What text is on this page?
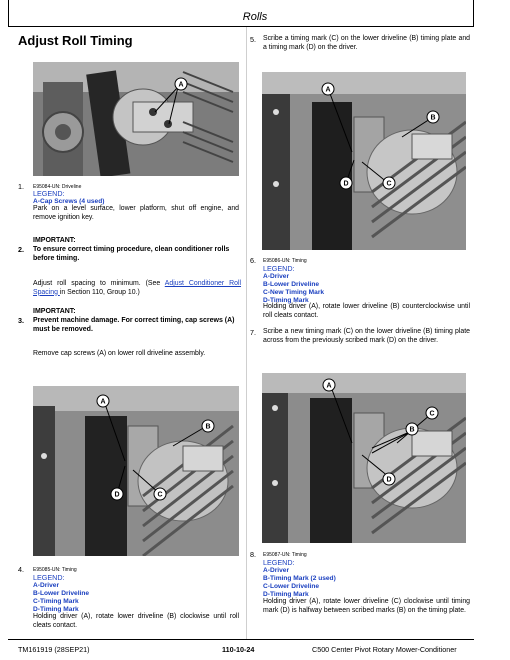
Rolls
Adjust Roll Timing
A
1. E95084-UN: Driveline
LEGEND:
A-Cap Screws (4 used)
Park on a level surface, lower platform, shut off engine, and remove ignition key.
IMPORTANT:
2. To ensure correct timing procedure, clean conditioner rolls before timing.
Adjust roll spacing to minimum. (See Adjust Conditioner Roll Spacing in Section 110, Group 10.)
IMPORTANT:
3. Prevent machine damage. For correct timing, cap screws (A) must be removed.
Remove cap screws (A) on lower roll driveline assembly.
A
B
D	C
4. E95085-UN: Timing
LEGEND:
A-Driver
B-Lower Driveline
C-Timing Mark
D-Timing Mark
Holding driver (A), rotate lower driveline (B) clockwise until roll cleats contact.
5. Scribe a timing mark (C) on the lower driveline (B) timing plate and a timing mark (D) on the driver.
A
B
D	C
6. E95086-UN: Timing
LEGEND:
A-Driver
B-Lower Driveline
C-New Timing Mark
D-Timing Mark
Holding driver (A), rotate lower driveline (B) counterclockwise until roll cleats contact.
7. Scribe a new timing mark (C) on the lower driveline (B) timing plate across from the previously scribed mark (D) on the driver.
A
C
B
D
8. E95087-UN: Timing
LEGEND:
A-Driver
B-Timing Mark (2 used)
C-Lower Driveline
D-Timing Mark
Holding driver (A), rotate lower driveline (C) clockwise until timing mark (D) is halfway between scribed marks (B) on the timing plate.
TM161919 (28SEP21)	110-10-24	C500 Center Pivot Rotary Mower-Conditioner
